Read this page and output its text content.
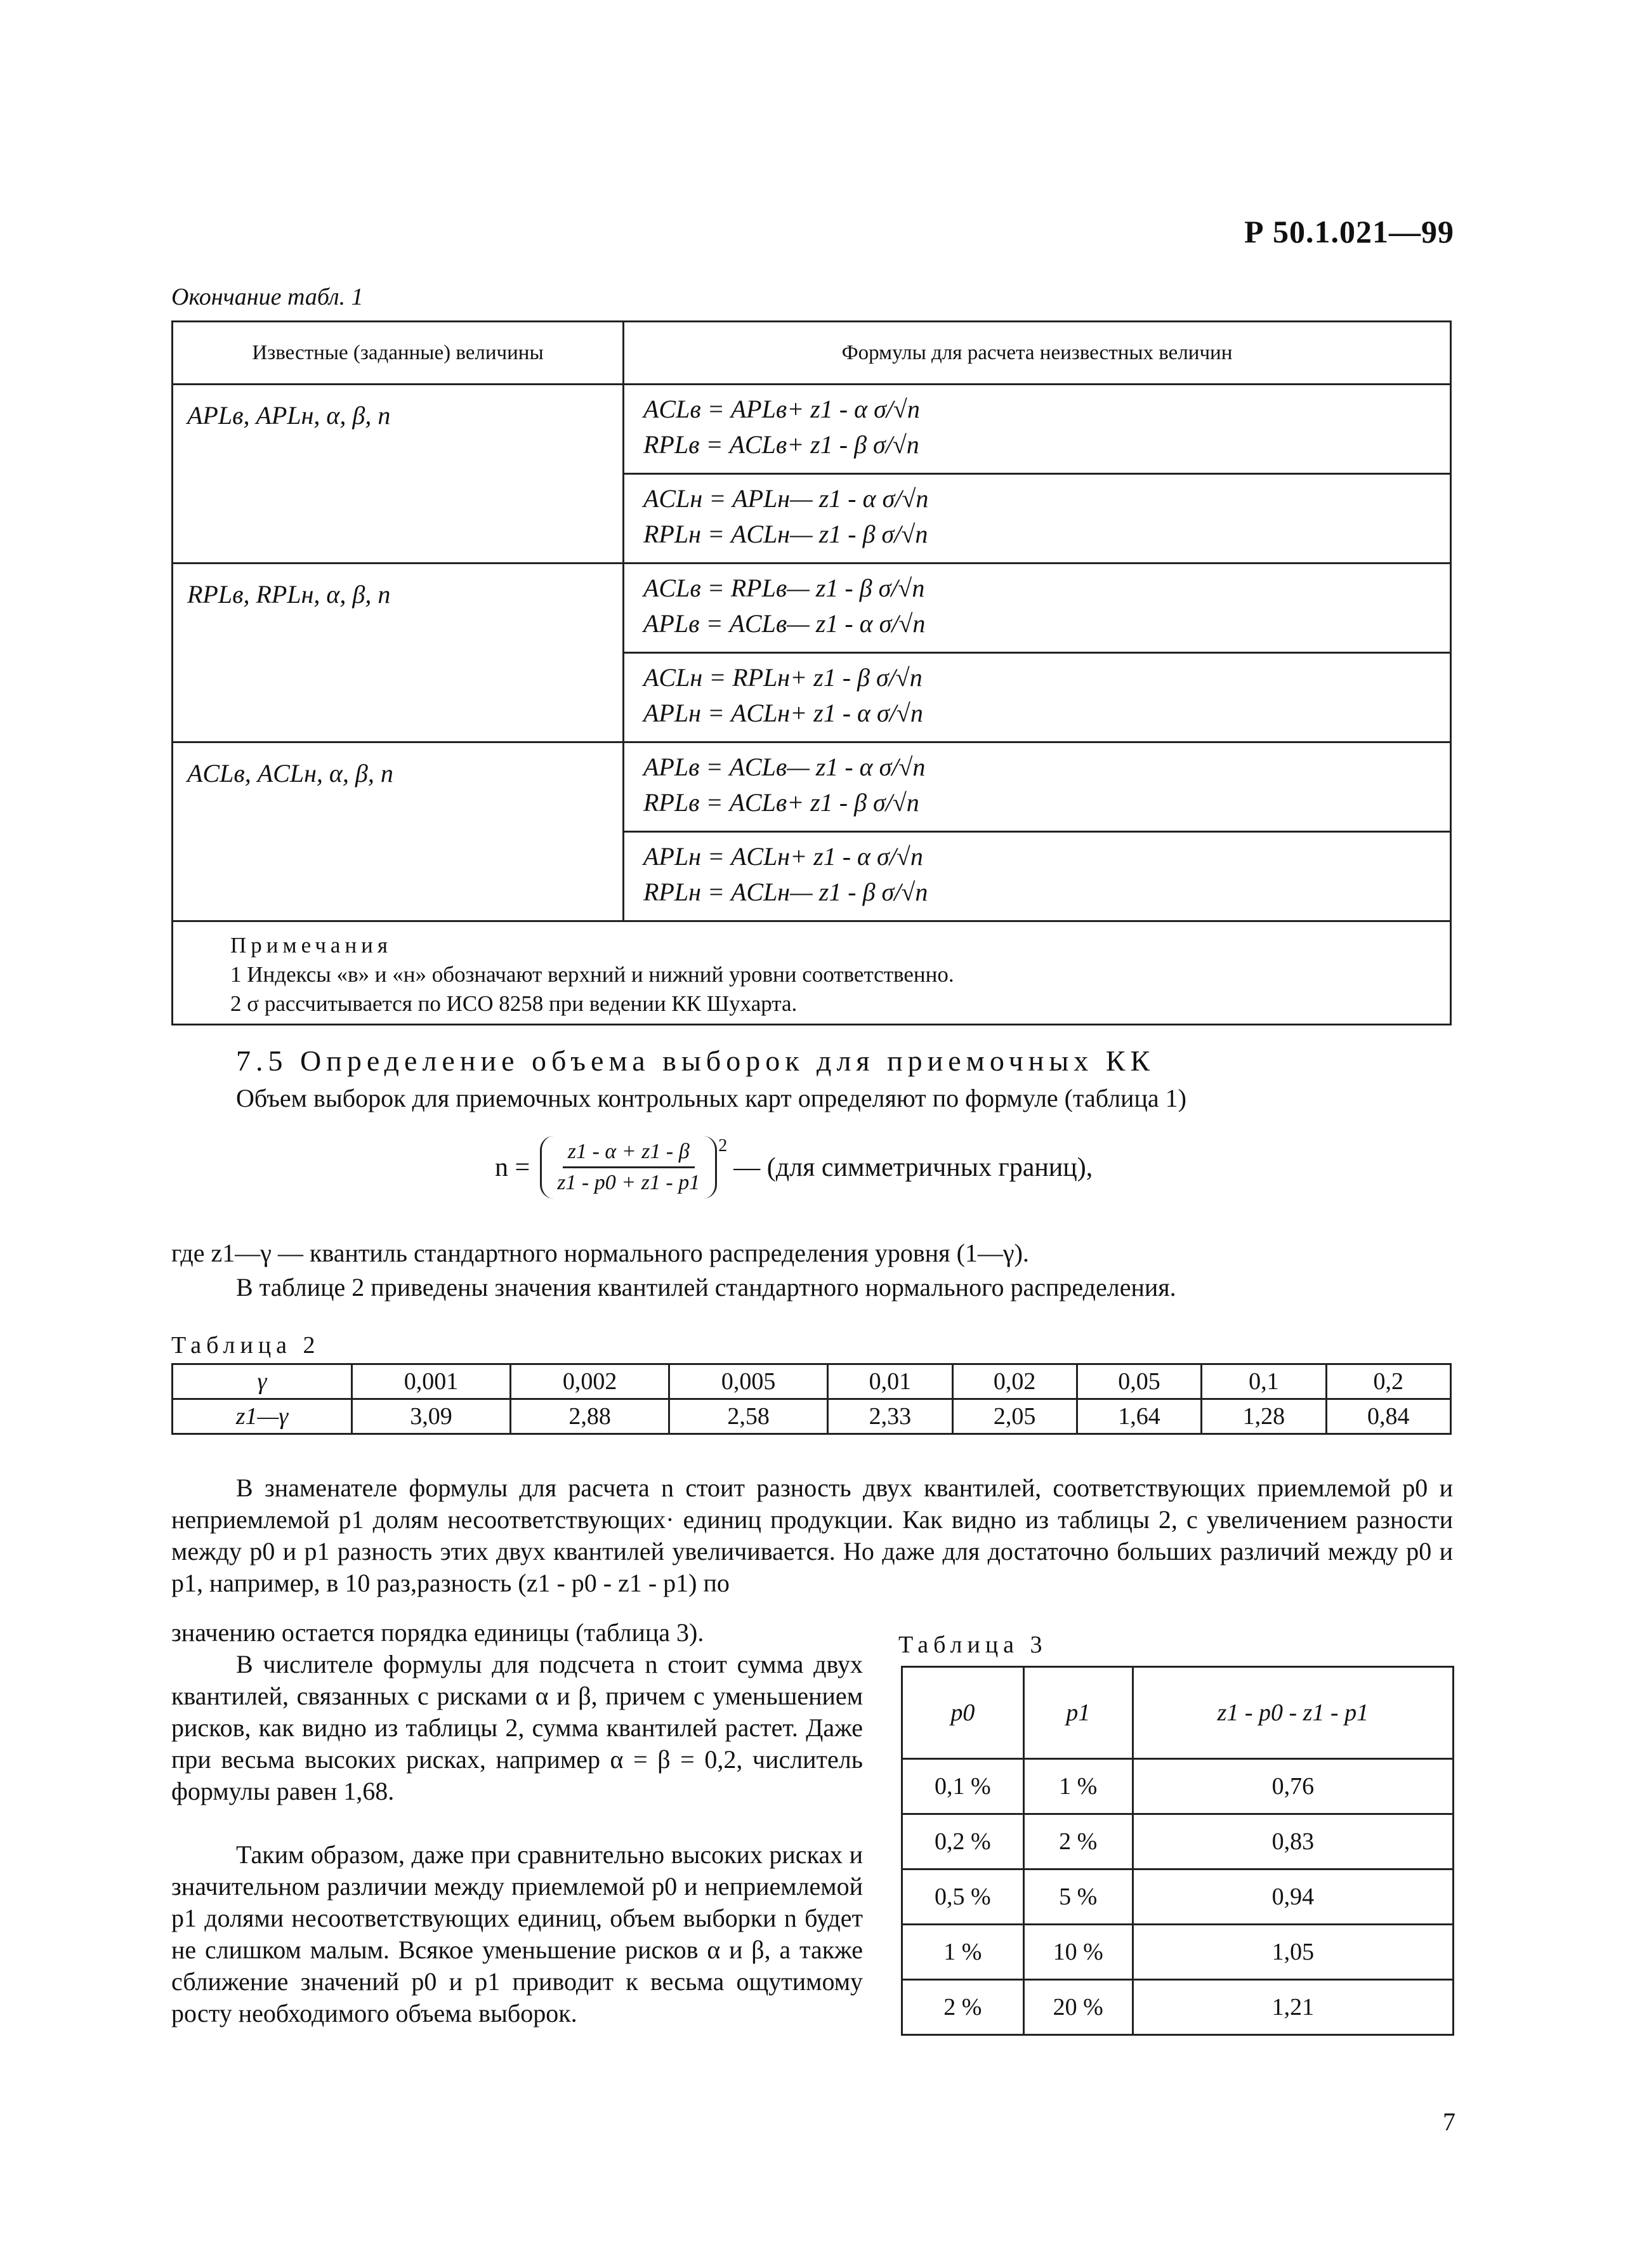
Р 50.1.021—99
Окончание табл. 1
Известные (заданные) величины	Формулы для расчета неизвестных величин
APLв, APLн, α, β, n	ACLв = APLв+ z1 - α σ/√n
RPLв = ACLв+ z1 - β σ/√n

	ACLн = APLн— z1 - α σ/√n
RPLн = ACLн— z1 - β σ/√n

RPLв, RPLн, α, β, n	ACLв = RPLв— z1 - β σ/√n
APLв = ACLв— z1 - α σ/√n

	ACLн = RPLн+ z1 - β σ/√n
APLн = ACLн+ z1 - α σ/√n

ACLв, ACLн, α, β, n	APLв = ACLв— z1 - α σ/√n
RPLв = ACLв+ z1 - β σ/√n

	APLн = ACLн+ z1 - α σ/√n
RPLн = ACLн— z1 - β σ/√n

Примечания
1 Индексы «в» и «н» обозначают верхний и нижний уровни соответственно.
2 σ рассчитывается по ИСО 8258 при ведении КК Шухарта.	
7.5 Определение объема выборок для приемочных КК
Объем выборок для приемочных контрольных карт определяют по формуле (таблица 1)
$n = \frac{z1 - \alpha + z1 - \beta}{z1 - p0 + z1 - p1} 2$
— (для симметричных границ),
где z1—γ — квантиль стандартного нормального распределения уровня (1—γ).
В таблице 2 приведены значения квантилей стандартного нормального распределения.
Таблица 2
γ	0,001	0,002	0,005	0,01	0,02	0,05	0,1	0,2
z1—γ	3,09	2,88	2,58	2,33	2,05	1,64	1,28	0,84
В знаменателе формулы для расчета n стоит разность двух квантилей, соответствующих приемлемой p0 и неприемлемой p1 долям несоответствующих· единиц продукции. Как видно из таблицы 2, с увеличением разности между p0 и p1 разность этих двух квантилей увеличивается. Но даже для достаточно больших различий между p0 и p1, например, в 10 раз,разность (z1 - p0 - z1 - p1) по
значению остается порядка единицы (таблица 3).
В числителе формулы для подсчета n стоит сумма двух квантилей, связанных с рисками α и β, причем с уменьшением рисков, как видно из таблицы 2, сумма квантилей растет. Даже при весьма высоких рисках, например α = β = 0,2, числитель формулы равен 1,68.
Таким образом, даже при сравнительно высоких рисках и значительном различии между приемлемой p0 и неприемлемой p1 долями несоответствующих единиц, объем выборки n будет не слишком малым. Всякое уменьшение рисков α и β, а также сближение значений p0 и p1 приводит к весьма ощутимому росту необходимого объема выборок.
Таблица 3
p0	p1	z1 - p0 - z1 - p1
0,1 %	1 %	0,76
0,2 %	2 %	0,83
0,5 %	5 %	0,94
1 %	10 %	1,05
2 %	20 %	1,21
7
